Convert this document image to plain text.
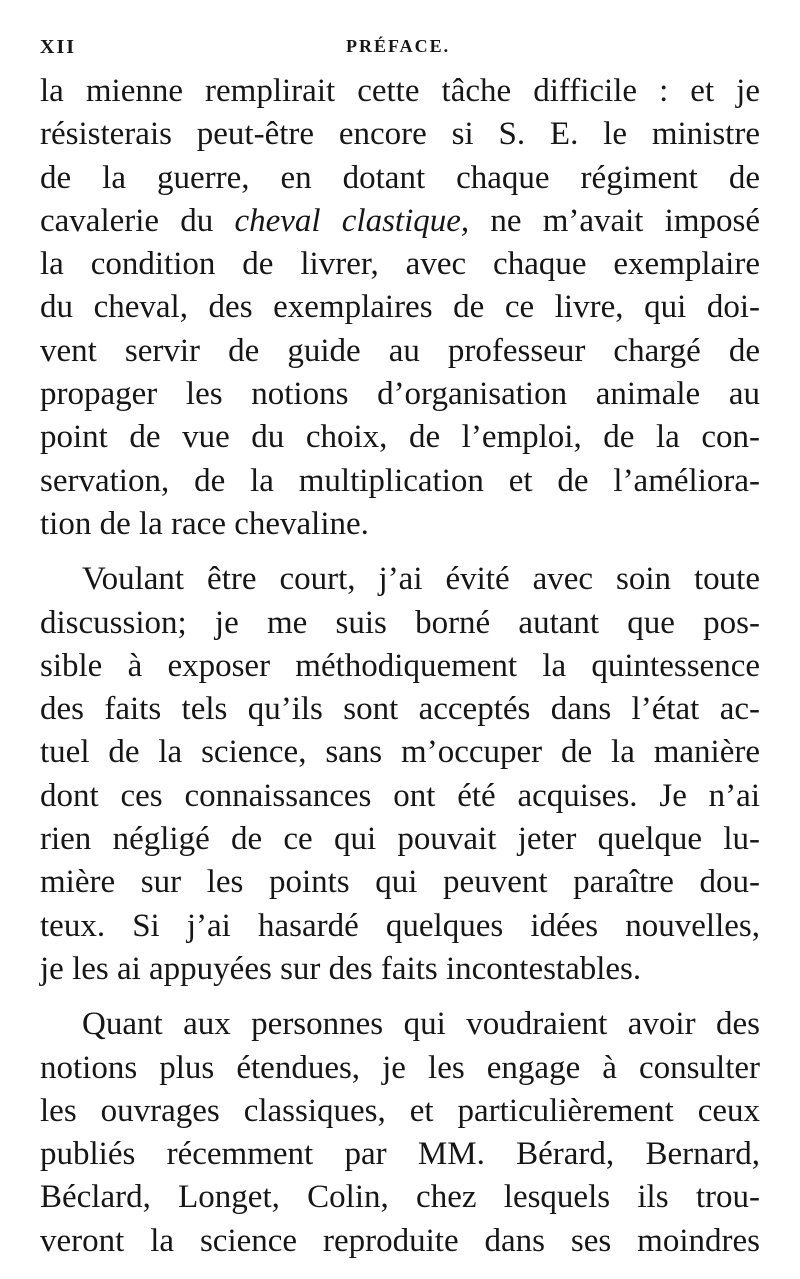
XII	PRÉFACE.
la mienne remplirait cette tâche difficile : et je
résisterais peut-être encore si S. E. le ministre
de la guerre, en dotant chaque régiment de
cavalerie du cheval clastique, ne m’avait imposé
la condition de livrer, avec chaque exemplaire
du cheval, des exemplaires de ce livre, qui doi-
vent servir de guide au professeur chargé de
propager les notions d’organisation animale au
point de vue du choix, de l’emploi, de la con-
servation, de la multiplication et de l’améliora-
tion de la race chevaline.
Voulant être court, j’ai évité avec soin toute
discussion; je me suis borné autant que pos-
sible à exposer méthodiquement la quintessence
des faits tels qu’ils sont acceptés dans l’état ac-
tuel de la science, sans m’occuper de la manière
dont ces connaissances ont été acquises. Je n’ai
rien négligé de ce qui pouvait jeter quelque lu-
mière sur les points qui peuvent paraître dou-
teux. Si j’ai hasardé quelques idées nouvelles,
je les ai appuyées sur des faits incontestables.
Quant aux personnes qui voudraient avoir des
notions plus étendues, je les engage à consulter
les ouvrages classiques, et particulièrement ceux
publiés récemment par MM. Bérard, Bernard,
Béclard, Longet, Colin, chez lesquels ils trou-
veront la science reproduite dans ses moindres
